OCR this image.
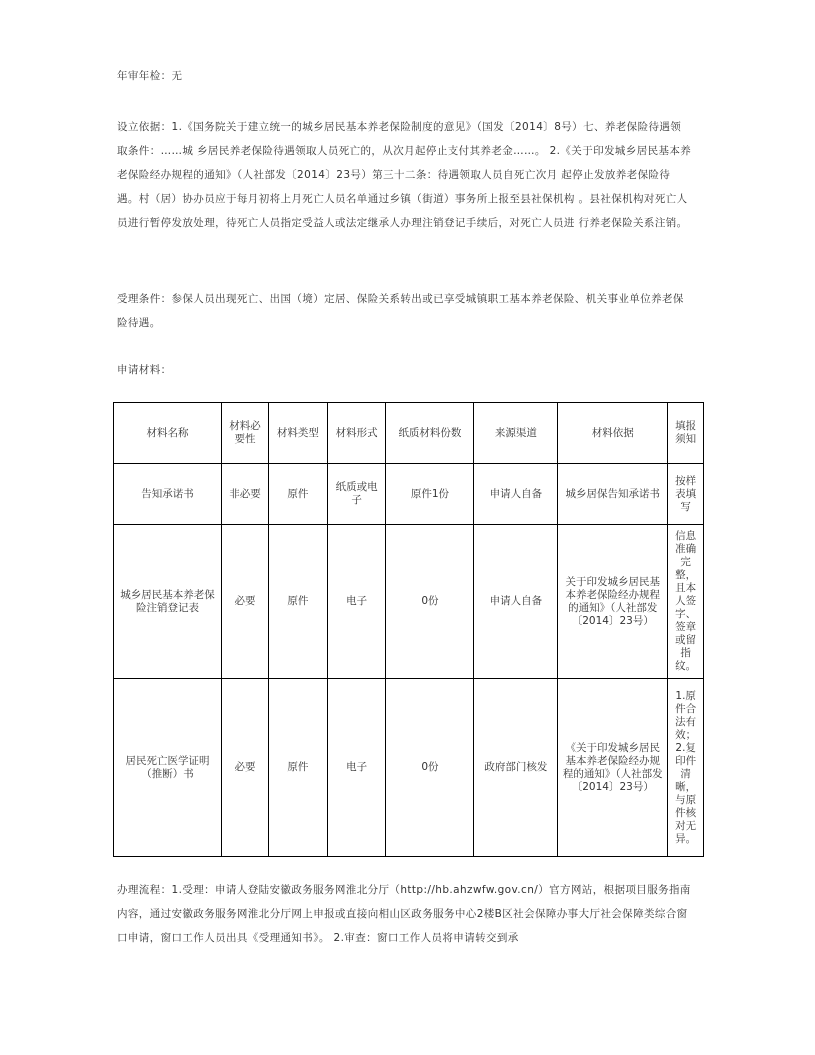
年审年检：无
设立依据：1.《国务院关于建立统一的城乡居民基本养老保险制度的意见》（国发〔2014〕8号）七、养老保险待遇领取条件：……城 乡居民养老保险待遇领取人员死亡的，从次月起停止支付其养老金……。 2.《关于印发城乡居民基本养老保险经办规程的通知》（人社部发〔2014〕23号）第三十二条：待遇领取人员自死亡次月 起停止发放养老保险待遇。村（居）协办员应于每月初将上月死亡人员名单通过乡镇（街道）事务所上报至县社保机构 。县社保机构对死亡人员进行暂停发放处理，待死亡人员指定受益人或法定继承人办理注销登记手续后，对死亡人员进 行养老保险关系注销。
受理条件：参保人员出现死亡、出国（境）定居、保险关系转出或已享受城镇职工基本养老保险、机关事业单位养老保险待遇。
申请材料：
材料名称	材料必要性	材料类型	材料形式	纸质材料份数	来源渠道	材料依据	填报须知
告知承诺书	非必要	原件	纸质或电子	原件1份	申请人自备	城乡居保告知承诺书	按样表填写
城乡居民基本养老保险注销登记表	必要	原件	电子	0份	申请人自备	关于印发城乡居民基本养老保险经办规程的通知》（人社部发〔2014〕23号）	信息准确完整，且本人签字、签章或留指纹。
居民死亡医学证明（推断）书	必要	原件	电子	0份	政府部门核发	《关于印发城乡居民基本养老保险经办规程的通知》（人社部发〔2014〕23号）	1.原件合法有效；2.复印件清晰，与原件核对无异。
办理流程：1.受理：申请人登陆安徽政务服务网淮北分厅（http://hb.ahzwfw.gov.cn/）官方网站，根据项目服务指南内容，通过安徽政务服务网淮北分厅网上申报或直接向相山区政务服务中心2楼B区社会保障办事大厅社会保障类综合窗口申请，窗口工作人员出具《受理通知书》。 2.审查：窗口工作人员将申请转交到承
